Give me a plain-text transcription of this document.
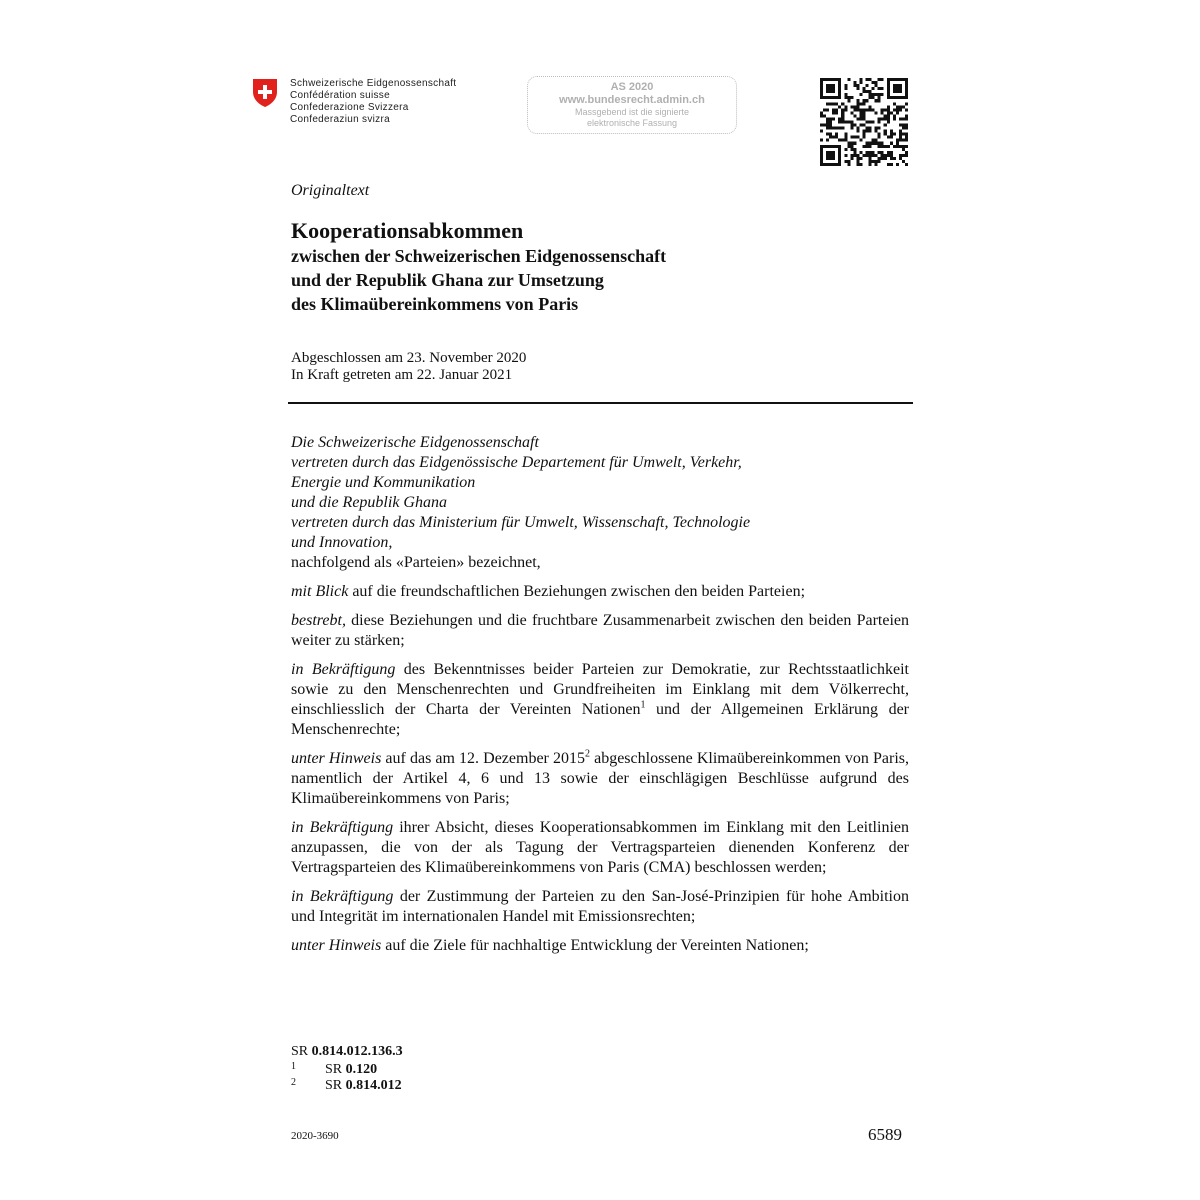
Schweizerische Eidgenossenschaft
Confédération suisse
Confederazione Svizzera
Confederaziun svizra
AS 2020
www.bundesrecht.admin.ch
Massgebend ist die signierte
elektronische Fassung
Originaltext
Kooperationsabkommen
zwischen der Schweizerischen Eidgenossenschaft
und der Republik Ghana zur Umsetzung
des Klimaübereinkommens von Paris
Abgeschlossen am 23. November 2020
In Kraft getreten am 22. Januar 2021
Die Schweizerische Eidgenossenschaft
vertreten durch das Eidgenössische Departement für Umwelt, Verkehr,
Energie und Kommunikation
und die Republik Ghana
vertreten durch das Ministerium für Umwelt, Wissenschaft, Technologie
und Innovation,

nachfolgend als «Parteien» bezeichnet,

mit Blick auf die freundschaftlichen Beziehungen zwischen den beiden Parteien;

bestrebt, diese Beziehungen und die fruchtbare Zusammenarbeit zwischen den beiden Parteien weiter zu stärken;

in Bekräftigung des Bekenntnisses beider Parteien zur Demokratie, zur Rechtsstaatlichkeit sowie zu den Menschenrechten und Grundfreiheiten im Einklang mit dem Völkerrecht, einschliesslich der Charta der Vereinten Nationen$^1$ und der Allgemeinen Erklärung der Menschenrechte;

unter Hinweis auf das am 12. Dezember 2015$^2$ abgeschlossene Klimaübereinkommen von Paris, namentlich der Artikel 4, 6 und 13 sowie der einschlägigen Beschlüsse aufgrund des Klimaübereinkommens von Paris;

in Bekräftigung ihrer Absicht, dieses Kooperationsabkommen im Einklang mit den Leitlinien anzupassen, die von der als Tagung der Vertragsparteien dienenden Konferenz der Vertragsparteien des Klimaübereinkommens von Paris (CMA) beschlossen werden;

in Bekräftigung der Zustimmung der Parteien zu den San-José-Prinzipien für hohe Ambition und Integrität im internationalen Handel mit Emissionsrechten;

unter Hinweis auf die Ziele für nachhaltige Entwicklung der Vereinten Nationen;

SR 0.814.012.136.3
1 SR 0.120
2 SR 0.814.012
2020-3690	6589
